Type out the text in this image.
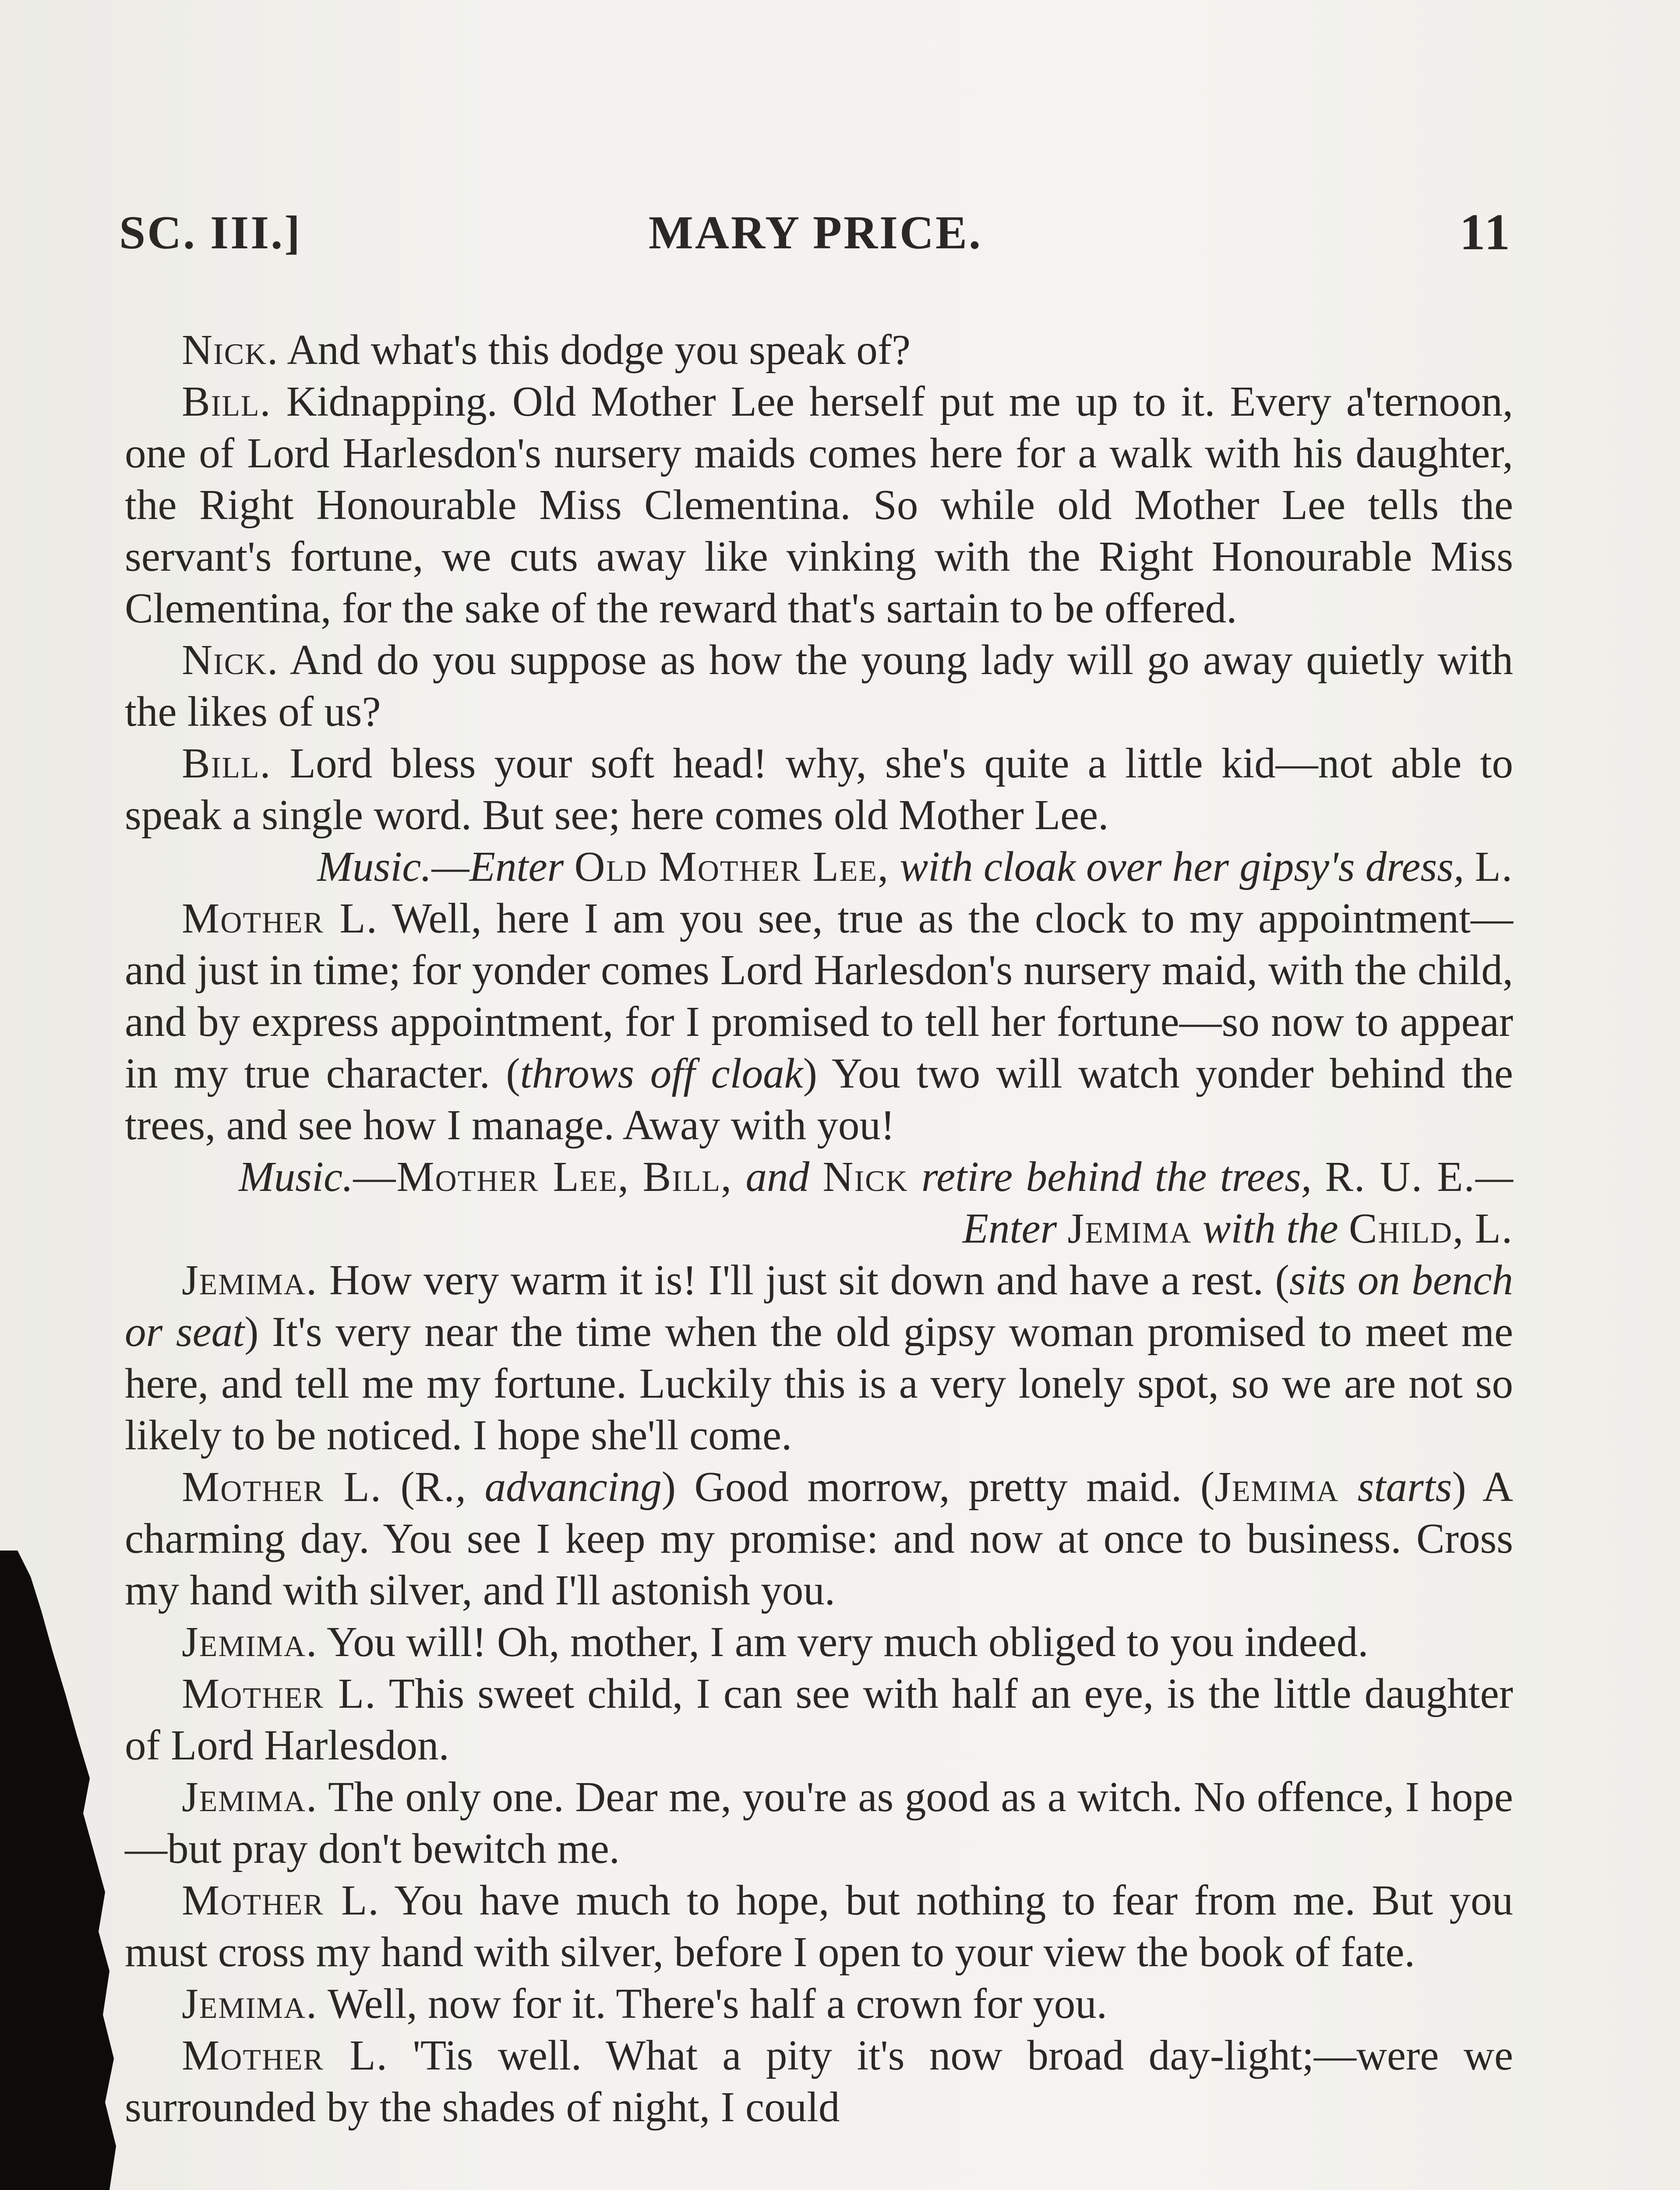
SC. III.]	MARY PRICE.	11

Nick. And what's this dodge you speak of?

Bill. Kidnapping. Old Mother Lee herself put me up to it. Every a'ternoon, one of Lord Harlesdon's nursery maids comes here for a walk with his daughter, the Right Honourable Miss Clementina. So while old Mother Lee tells the servant's fortune, we cuts away like vinking with the Right Honourable Miss Clementina, for the sake of the reward that's sartain to be offered.

Nick. And do you suppose as how the young lady will go away quietly with the likes of us?

Bill. Lord bless your soft head! why, she's quite a little kid—not able to speak a single word. But see; here comes old Mother Lee.

Music.—Enter Old Mother Lee, with cloak over her gipsy's dress, L.

Mother L. Well, here I am you see, true as the clock to my appointment—and just in time; for yonder comes Lord Harlesdon's nursery maid, with the child, and by express appointment, for I promised to tell her fortune—so now to appear in my true character. (throws off cloak) You two will watch yonder behind the trees, and see how I manage. Away with you!

Music.—Mother Lee, Bill, and Nick retire behind the trees, R. U. E.—Enter Jemima with the Child, L.

Jemima. How very warm it is! I'll just sit down and have a rest. (sits on bench or seat) It's very near the time when the old gipsy woman promised to meet me here, and tell me my fortune. Luckily this is a very lonely spot, so we are not so likely to be noticed. I hope she'll come.

Mother L. (R., advancing) Good morrow, pretty maid. (Jemima starts) A charming day. You see I keep my promise: and now at once to business. Cross my hand with silver, and I'll astonish you.

Jemima. You will! Oh, mother, I am very much obliged to you indeed.

Mother L. This sweet child, I can see with half an eye, is the little daughter of Lord Harlesdon.

Jemima. The only one. Dear me, you're as good as a witch. No offence, I hope—but pray don't bewitch me.

Mother L. You have much to hope, but nothing to fear from me. But you must cross my hand with silver, before I open to your view the book of fate.

Jemima. Well, now for it. There's half a crown for you.

Mother L. 'Tis well. What a pity it's now broad day-light;—were we surrounded by the shades of night, I could
